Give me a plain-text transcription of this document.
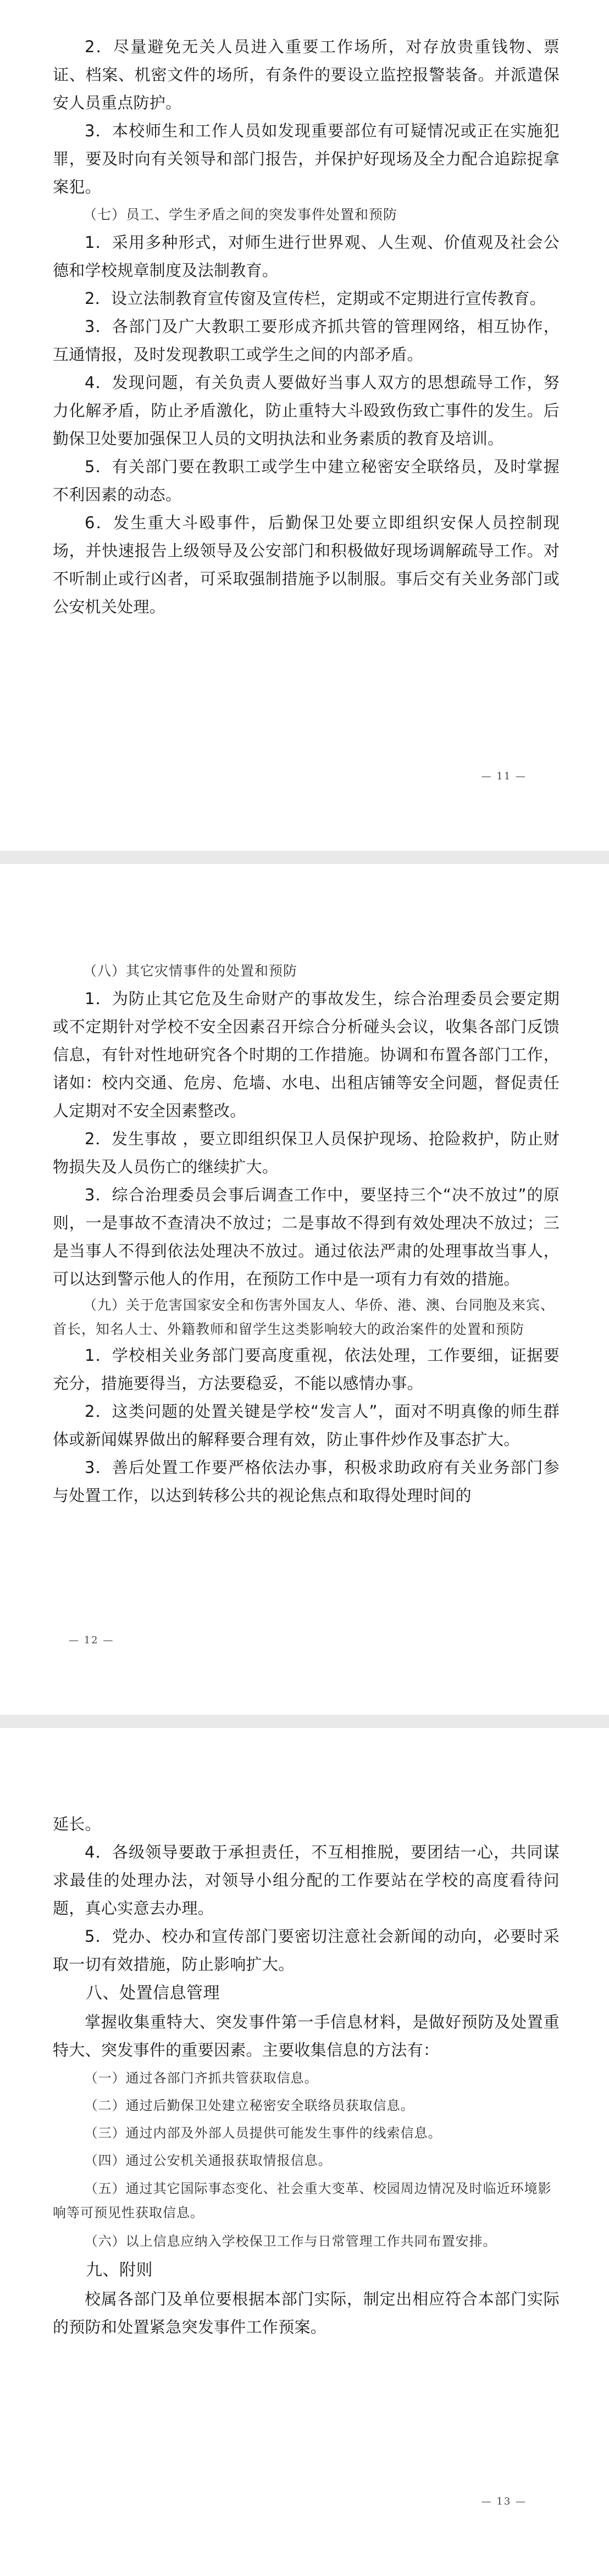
2．尽量避免无关人员进入重要工作场所，对存放贵重钱物、票证、档案、机密文件的场所，有条件的要设立监控报警装备。并派遣保安人员重点防护。

3．本校师生和工作人员如发现重要部位有可疑情况或正在实施犯罪，要及时向有关领导和部门报告，并保护好现场及全力配合追踪捉拿案犯。

（七）员工、学生矛盾之间的突发事件处置和预防

1．采用多种形式，对师生进行世界观、人生观、价值观及社会公德和学校规章制度及法制教育。

2．设立法制教育宣传窗及宣传栏，定期或不定期进行宣传教育。

3．各部门及广大教职工要形成齐抓共管的管理网络，相互协作，互通情报，及时发现教职工或学生之间的内部矛盾。

4．发现问题，有关负责人要做好当事人双方的思想疏导工作，努力化解矛盾，防止矛盾激化，防止重特大斗殴致伤致亡事件的发生。后勤保卫处要加强保卫人员的文明执法和业务素质的教育及培训。

5．有关部门要在教职工或学生中建立秘密安全联络员，及时掌握不利因素的动态。

6．发生重大斗殴事件，后勤保卫处要立即组织安保人员控制现场，并快速报告上级领导及公安部门和积极做好现场调解疏导工作。对不听制止或行凶者，可采取强制措施予以制服。事后交有关业务部门或公安机关处理。

— 11 —

（八）其它灾情事件的处置和预防

1．为防止其它危及生命财产的事故发生，综合治理委员会要定期或不定期针对学校不安全因素召开综合分析碰头会议，收集各部门反馈信息，有针对性地研究各个时期的工作措施。协调和布置各部门工作，诸如：校内交通、危房、危墙、水电、出租店铺等安全问题，督促责任人定期对不安全因素整改。

2．发生事故 ，要立即组织保卫人员保护现场、抢险救护，防止财物损失及人员伤亡的继续扩大。

3．综合治理委员会事后调查工作中，要坚持三个“决不放过”的原则，一是事故不查清决不放过；二是事故不得到有效处理决不放过；三是当事人不得到依法处理决不放过。通过依法严肃的处理事故当事人，可以达到警示他人的作用，在预防工作中是一项有力有效的措施。

（九）关于危害国家安全和伤害外国友人、华侨、港、澳、台同胞及来宾、首长，知名人士、外籍教师和留学生这类影响较大的政治案件的处置和预防

1．学校相关业务部门要高度重视，依法处理，工作要细，证据要充分，措施要得当，方法要稳妥，不能以感情办事。

2．这类问题的处置关键是学校“发言人”，面对不明真像的师生群体或新闻媒界做出的解释要合理有效，防止事件炒作及事态扩大。

3．善后处置工作要严格依法办事，积极求助政府有关业务部门参与处置工作，以达到转移公共的视论焦点和取得处理时间的

— 12 —

延长。

4．各级领导要敢于承担责任，不互相推脱，要团结一心，共同谋求最佳的处理办法，对领导小组分配的工作要站在学校的高度看待问题，真心实意去办理。

5．党办、校办和宣传部门要密切注意社会新闻的动向，必要时采取一切有效措施，防止影响扩大。

八、处置信息管理

掌握收集重特大、突发事件第一手信息材料，是做好预防及处置重特大、突发事件的重要因素。主要收集信息的方法有：

（一）通过各部门齐抓共管获取信息。

（二）通过后勤保卫处建立秘密安全联络员获取信息。

（三）通过内部及外部人员提供可能发生事件的线索信息。

（四）通过公安机关通报获取情报信息。

（五）通过其它国际事态变化、社会重大变革、校园周边情况及时临近环境影响等可预见性获取信息。

（六）以上信息应纳入学校保卫工作与日常管理工作共同布置安排。

九、附则

校属各部门及单位要根据本部门实际，制定出相应符合本部门实际的预防和处置紧急突发事件工作预案。

— 13 —
